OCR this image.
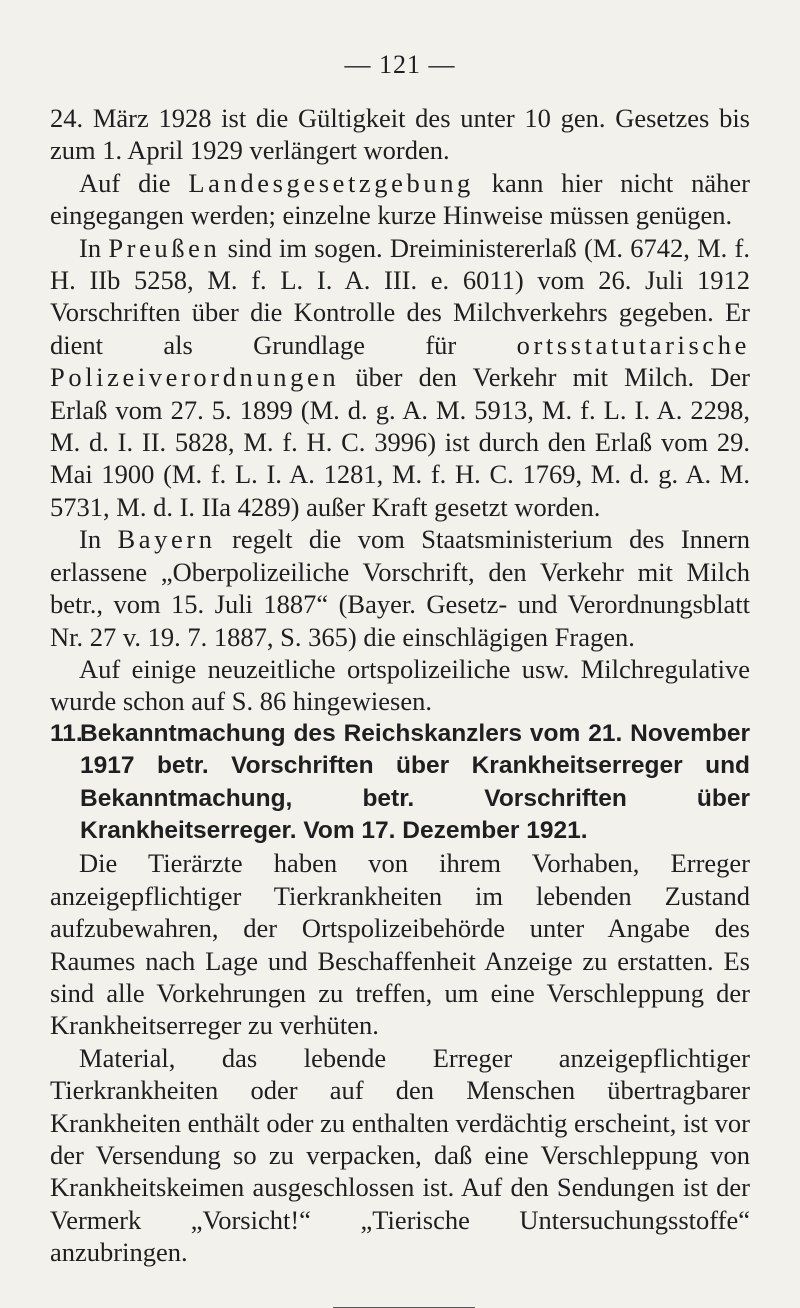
— 121 —

24. März 1928 ist die Gültigkeit des unter 10 gen. Gesetzes bis zum 1. April 1929 verlängert worden.

Auf die Landesgesetzgebung kann hier nicht näher eingegangen werden; einzelne kurze Hinweise müssen genügen.

In Preußen sind im sogen. Dreiministererlaß (M. 6742, M. f. H. IIb 5258, M. f. L. I. A. III. e. 6011) vom 26. Juli 1912 Vorschriften über die Kontrolle des Milchverkehrs gegeben. Er dient als Grundlage für ortsstatutarische Polizeiverordnungen über den Verkehr mit Milch. Der Erlaß vom 27. 5. 1899 (M. d. g. A. M. 5913, M. f. L. I. A. 2298, M. d. I. II. 5828, M. f. H. C. 3996) ist durch den Erlaß vom 29. Mai 1900 (M. f. L. I. A. 1281, M. f. H. C. 1769, M. d. g. A. M. 5731, M. d. I. IIa 4289) außer Kraft gesetzt worden.

In Bayern regelt die vom Staatsministerium des Innern erlassene „Oberpolizeiliche Vorschrift, den Verkehr mit Milch betr., vom 15. Juli 1887“ (Bayer. Gesetz- und Verordnungsblatt Nr. 27 v. 19. 7. 1887, S. 365) die einschlägigen Fragen.

Auf einige neuzeitliche ortspolizeiliche usw. Milchregulative wurde schon auf S. 86 hingewiesen.

11.Bekanntmachung des Reichskanzlers vom 21. November 1917 betr. Vorschriften über Krankheitserreger und Bekanntmachung, betr. Vorschriften über Krankheitserreger. Vom 17. Dezember 1921.

Die Tierärzte haben von ihrem Vorhaben, Erreger anzeigepflichtiger Tierkrankheiten im lebenden Zustand aufzubewahren, der Ortspolizeibehörde unter Angabe des Raumes nach Lage und Beschaffenheit Anzeige zu erstatten. Es sind alle Vorkehrungen zu treffen, um eine Verschleppung der Krankheitserreger zu verhüten.

Material, das lebende Erreger anzeigepflichtiger Tierkrankheiten oder auf den Menschen übertragbarer Krankheiten enthält oder zu enthalten verdächtig erscheint, ist vor der Versendung so zu verpacken, daß eine Verschleppung von Krankheitskeimen ausgeschlossen ist. Auf den Sendungen ist der Vermerk „Vorsicht!“ „Tierische Untersuchungsstoffe“ anzubringen.
